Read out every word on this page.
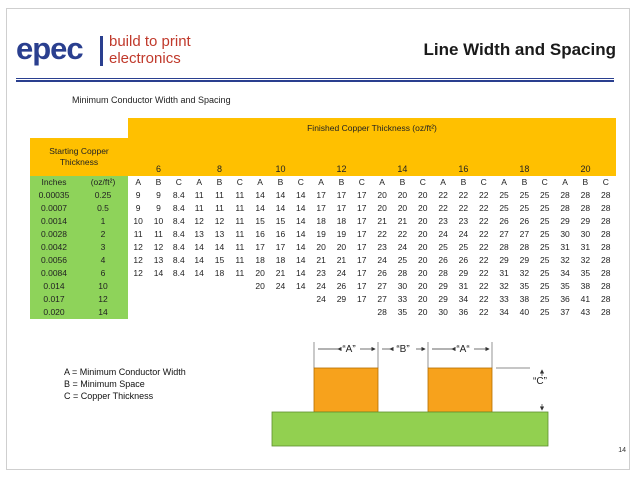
epec build to print
electronics	Line Width and Spacing
Minimum Conductor Width and Spacing
		Finished Copper Thickness (oz/ft²)																							

Starting Copper
Thickness		6			8			10			12			14			16			18			20		
Inches	(oz/ft²)	A	B	C	A	B	C	A	B	C	A	B	C	A	B	C	A	B	C	A	B	C	A	B	C
0.00035	0.25	9	9	8.4	11	11	11	14	14	14	17	17	17	20	20	20	22	22	22	25	25	25	28	28	28
0.0007	0.5	9	9	8.4	11	11	11	14	14	14	17	17	17	20	20	20	22	22	22	25	25	25	28	28	28
0.0014	1	10	10	8.4	12	12	11	15	15	14	18	18	17	21	21	20	23	23	22	26	26	25	29	29	28
0.0028	2	11	11	8.4	13	13	11	16	16	14	19	19	17	22	22	20	24	24	22	27	27	25	30	30	28
0.0042	3	12	12	8.4	14	14	11	17	17	14	20	20	17	23	24	20	25	25	22	28	28	25	31	31	28
0.0056	4	12	13	8.4	14	15	11	18	18	14	21	21	17	24	25	20	26	26	22	29	29	25	32	32	28
0.0084	6	12	14	8.4	14	18	11	20	21	14	23	24	17	26	28	20	28	29	22	31	32	25	34	35	28
0.014	10							20	24	14	24	26	17	27	30	20	29	31	22	32	35	25	35	38	28
0.017	12										24	29	17	27	33	20	29	34	22	33	38	25	36	41	28
0.020	14													28	35	20	30	36	22	34	40	25	37	43	28
A = Minimum Conductor Width
B = Minimum Space
C = Copper Thickness
“A”	“B”	“A“
“C”
14
